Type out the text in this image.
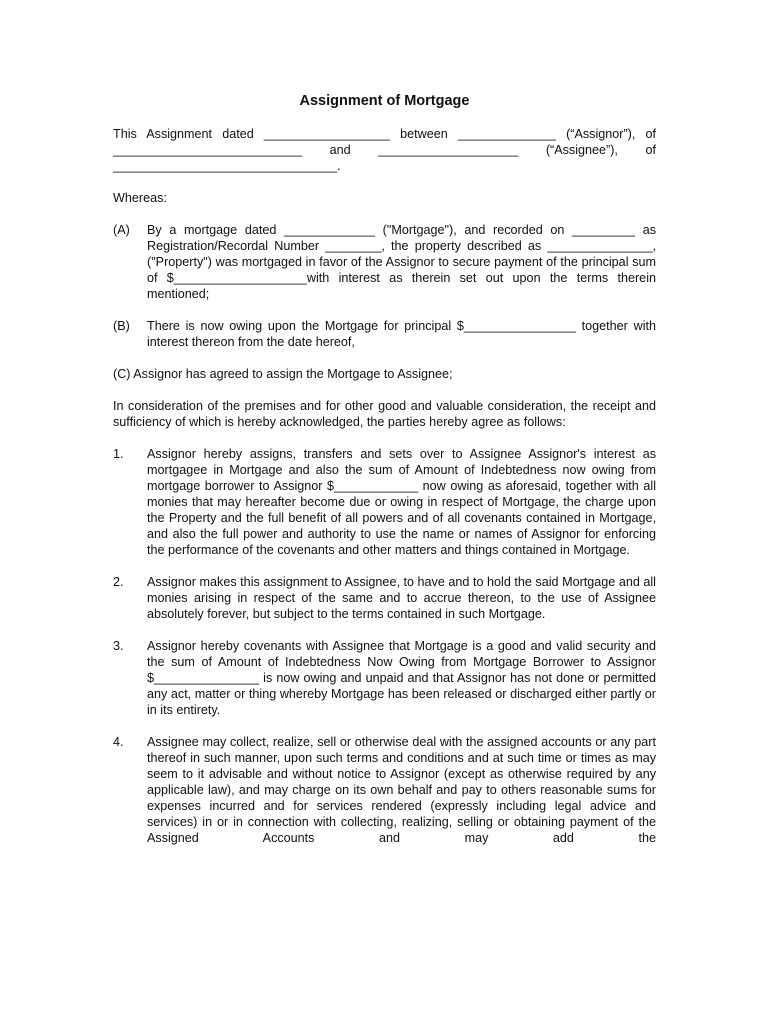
Assignment of Mortgage
This Assignment dated __________________ between ______________ (“Assignor”), of ___________________________ and ____________________ (“Assignee”), of ________________________________.
Whereas:
(A)	By a mortgage dated _____________ ("Mortgage"), and recorded on _________ as Registration/Recordal Number ________, the property described as _______________, ("Property") was mortgaged in favor of the Assignor to secure payment of the principal sum of $___________________with interest as therein set out upon the terms therein mentioned;
(B)	There is now owing upon the Mortgage for principal $________________ together with interest thereon from the date hereof,
(C) Assignor has agreed to assign the Mortgage to Assignee;
In consideration of the premises and for other good and valuable consideration, the receipt and sufficiency of which is hereby acknowledged, the parties hereby agree as follows:
1.	Assignor hereby assigns, transfers and sets over to Assignee Assignor's interest as mortgagee in Mortgage and also the sum of Amount of Indebtedness now owing from mortgage borrower to Assignor $____________ now owing as aforesaid, together with all monies that may hereafter become due or owing in respect of Mortgage, the charge upon the Property and the full benefit of all powers and of all covenants contained in Mortgage, and also the full power and authority to use the name or names of Assignor for enforcing the performance of the covenants and other matters and things contained in Mortgage.
2.	Assignor makes this assignment to Assignee, to have and to hold the said Mortgage and all monies arising in respect of the same and to accrue thereon, to the use of Assignee absolutely forever, but subject to the terms contained in such Mortgage.
3.	Assignor hereby covenants with Assignee that Mortgage is a good and valid security and the sum of Amount of Indebtedness Now Owing from Mortgage Borrower to Assignor $_______________ is now owing and unpaid and that Assignor has not done or permitted any act, matter or thing whereby Mortgage has been released or discharged either partly or in its entirety.
4.	Assignee may collect, realize, sell or otherwise deal with the assigned accounts or any part thereof in such manner, upon such terms and conditions and at such time or times as may seem to it advisable and without notice to Assignor (except as otherwise required by any applicable law), and may charge on its own behalf and pay to others reasonable sums for expenses incurred and for services rendered (expressly including legal advice and services) in or in connection with collecting, realizing, selling or obtaining payment of the Assigned Accounts and may add the
